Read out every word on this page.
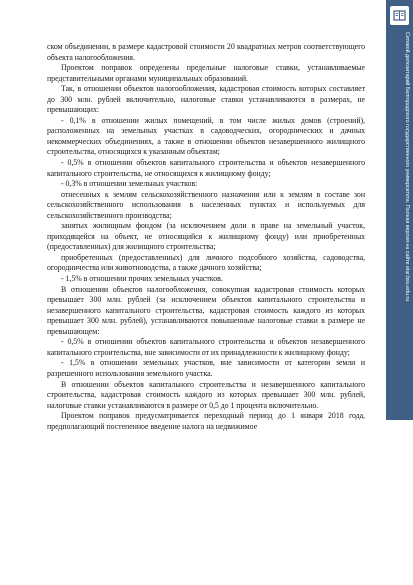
ском объединении, в размере кадастровой стоимости 20 квадратных метров соответствующего объекта налогообложения.

Проектом поправок определены предельные налоговые ставки, устанавливаемые представительными органами муниципальных образований.

Так, в отношении объектов налогообложения, кадастровая стоимость которых составляет до 300 млн. рублей включительно, налоговые ставки устанавливаются в размерах, не превышающих:

- 0,1% в отношении жилых помещений, в том числе жилых домов (строений), расположенных на земельных участках в садоводческих, огороднических и дачных некоммерческих объединениях, а также в отношении объектов незавершенного жилищного строительства, относящихся к указанным объектам;

- 0,5% в отношении объектов капитального строительства и объектов незавершенного капитального строительства, не относящихся к жилищному фонду;

- 0,3% в отношении земельных участков:

отнесенных к землям сельскохозяйственного назначения или к землям в составе зон сельскохозяйственного использования в населенных пунктах и используемых для сельскохозяйственного производства;

занятых жилищным фондом (за исключением доли в праве на земельный участок, приходящейся на объект, не относящийся к жилищному фонду) или приобретенных (предоставленных) для жилищного строительства;

приобретенных (предоставленных) для личного подсобного хозяйства, садоводства, огородничества или животноводства, а также дачного хозяйства;

- 1,5% в отношении прочих земельных участков.

В отношении объектов налогообложения, совокупная кадастровая стоимость которых превышает 300 млн. рублей (за исключением объектов капитального строительства и незавершенного капитального строительства, кадастровая стоимость каждого из которых превышает 300 млн. рублей), устанавливаются повышенные налоговые ставки в размере не превышающем:

- 0,5% в отношении объектов капитального строительства и объектов незавершенного капитального строительства, вне зависимости от их принадлежности к жилищному фонду;

- 1,5% в отношении земельных участков, вне зависимости от категории земли и разрешенного использования земельного участка.

В отношении объектов капитального строительства и незавершенного капитального строительства, кадастровая стоимость каждого из которых превышает 300 млн. рублей, налоговые ставки устанавливаются в размере от 0,5 до 1 процента включительно.

Проектом поправок предусматривается переходный период до 1 января 2018 года, предполагающий постепенное введение налога на недвижимое

Сетевой депозитарий Белгородского государственного университета. Полная версия на сайте elar.bsu.edu.ru
